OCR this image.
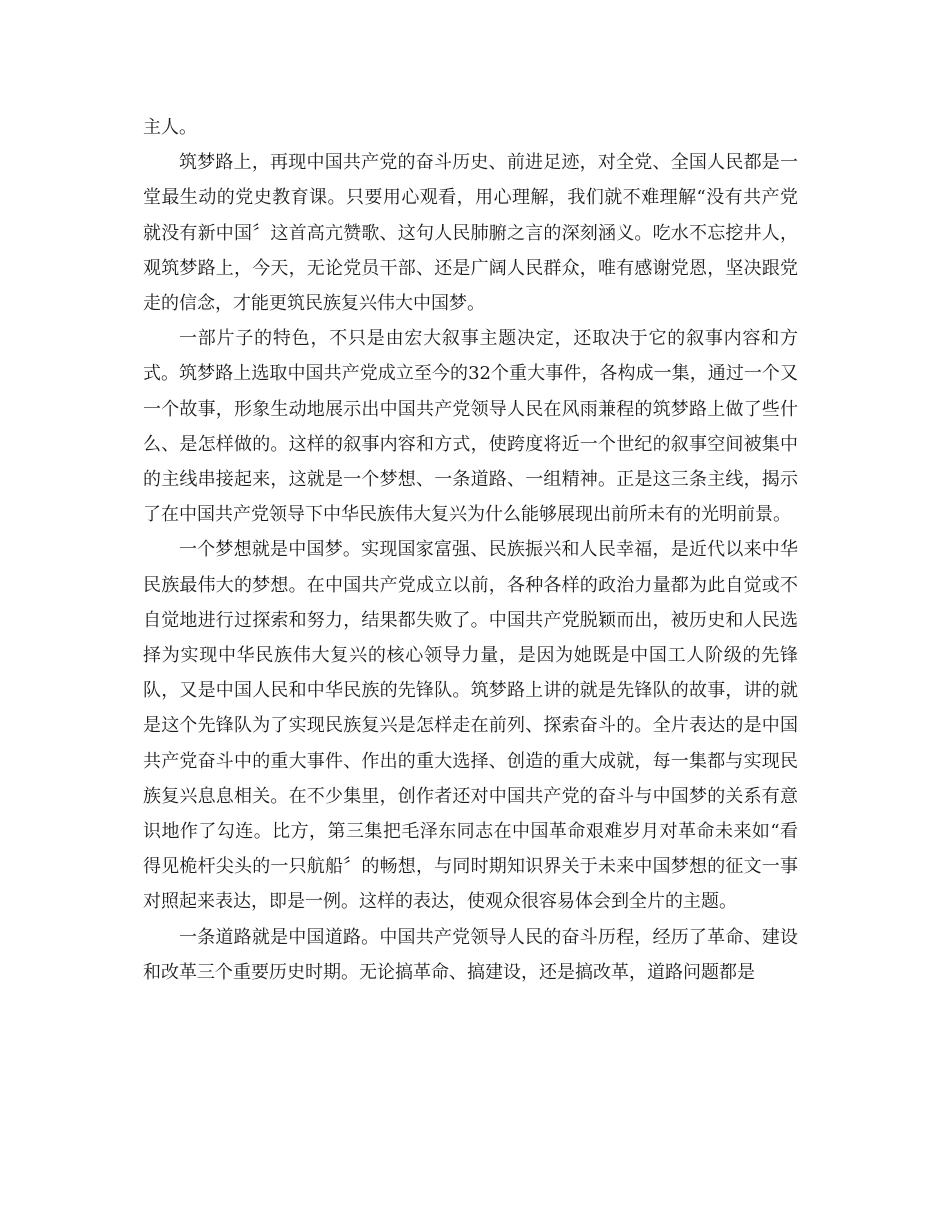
主人。

筑梦路上，再现中国共产党的奋斗历史、前进足迹，对全党、全国人民都是一堂最生动的党史教育课。只要用心观看，用心理解，我们就不难理解“没有共产党就没有新中国〞这首高亢赞歌、这句人民肺腑之言的深刻涵义。吃水不忘挖井人，观筑梦路上，今天，无论党员干部、还是广阔人民群众，唯有感谢党恩，坚决跟党走的信念，才能更筑民族复兴伟大中国梦。

一部片子的特色，不只是由宏大叙事主题决定，还取决于它的叙事内容和方式。筑梦路上选取中国共产党成立至今的32个重大事件，各构成一集，通过一个又一个故事，形象生动地展示出中国共产党领导人民在风雨兼程的筑梦路上做了些什么、是怎样做的。这样的叙事内容和方式，使跨度将近一个世纪的叙事空间被集中的主线串接起来，这就是一个梦想、一条道路、一组精神。正是这三条主线，揭示了在中国共产党领导下中华民族伟大复兴为什么能够展现出前所未有的光明前景。

一个梦想就是中国梦。实现国家富强、民族振兴和人民幸福，是近代以来中华民族最伟大的梦想。在中国共产党成立以前，各种各样的政治力量都为此自觉或不自觉地进行过探索和努力，结果都失败了。中国共产党脱颖而出，被历史和人民选择为实现中华民族伟大复兴的核心领导力量，是因为她既是中国工人阶级的先锋队，又是中国人民和中华民族的先锋队。筑梦路上讲的就是先锋队的故事，讲的就是这个先锋队为了实现民族复兴是怎样走在前列、探索奋斗的。全片表达的是中国共产党奋斗中的重大事件、作出的重大选择、创造的重大成就，每一集都与实现民族复兴息息相关。在不少集里，创作者还对中国共产党的奋斗与中国梦的关系有意识地作了勾连。比方，第三集把毛泽东同志在中国革命艰难岁月对革命未来如“看得见桅杆尖头的一只航船〞的畅想，与同时期知识界关于未来中国梦想的征文一事对照起来表达，即是一例。这样的表达，使观众很容易体会到全片的主题。

一条道路就是中国道路。中国共产党领导人民的奋斗历程，经历了革命、建设和改革三个重要历史时期。无论搞革命、搞建设，还是搞改革，道路问题都是
